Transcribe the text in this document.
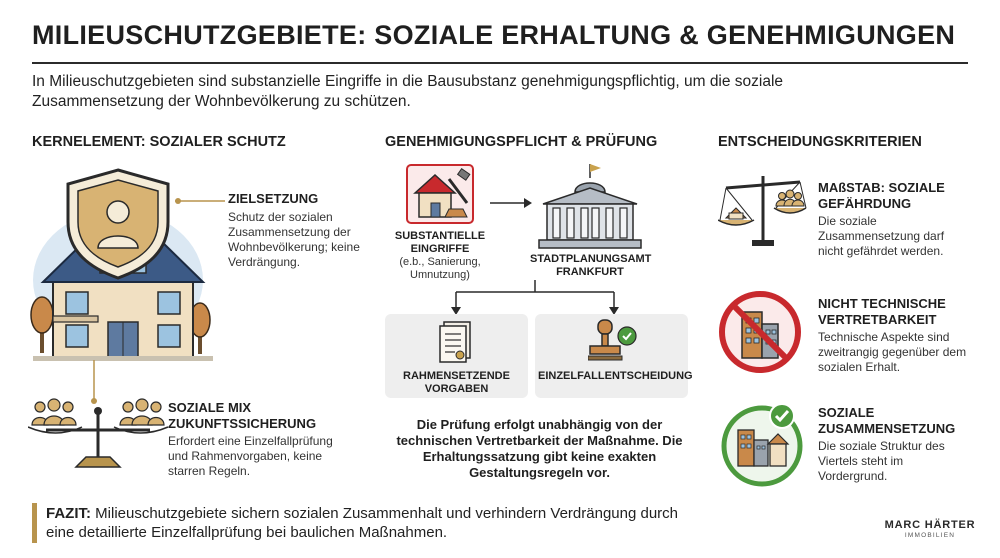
MILIEUSCHUTZGEBIETE: SOZIALE ERHALTUNG & GENEHMIGUNGEN
In Milieuschutzgebieten sind substanzielle Eingriffe in die Bausubstanz genehmigungspflichtig, um die soziale Zusammensetzung der Wohnbevölkerung zu schützen.
KERNELEMENT: SOZIALER SCHUTZ	GENEHMIGUNGSPFLICHT & PRÜFUNG	ENTSCHEIDUNGSKRITERIEN
ZIELSETZUNG
Schutz der sozialen Zusammensetzung der Wohnbevölkerung; keine Verdrängung.
SOZIALE MIX
ZUKUNFTSSICHERUNG
Erfordert eine Einzelfallprüfung und Rahmenvorgaben, keine starren Regeln.
SUBSTANTIELLE EINGRIFFE
(e.b., Sanierung, Umnutzung)
STADTPLANUNGSAMT FRANKFURT
RAHMENSETZENDE VORGABEN
EINZELFALLENTSCHEIDUNG
Die Prüfung erfolgt unabhängig von der technischen Vertretbarkeit der Maßnahme. Die Erhaltungssatzung gibt keine exakten Gestaltungsregeln vor.
MAßSTAB: SOZIALE GEFÄHRDUNG
Die soziale Zusammensetzung darf nicht gefährdet werden.
NICHT TECHNISCHE VERTRETBARKEIT
Technische Aspekte sind zweitrangig gegenüber dem sozialen Erhalt.
SOZIALE ZUSAMMENSETZUNG
Die soziale Struktur des Viertels steht im Vordergrund.
FAZIT: Milieuschutzgebiete sichern sozialen Zusammenhalt und verhindern Verdrängung durch eine detaillierte Einzelfallprüfung bei baulichen Maßnahmen.	MARC HÄRTER
IMMOBILIEN
